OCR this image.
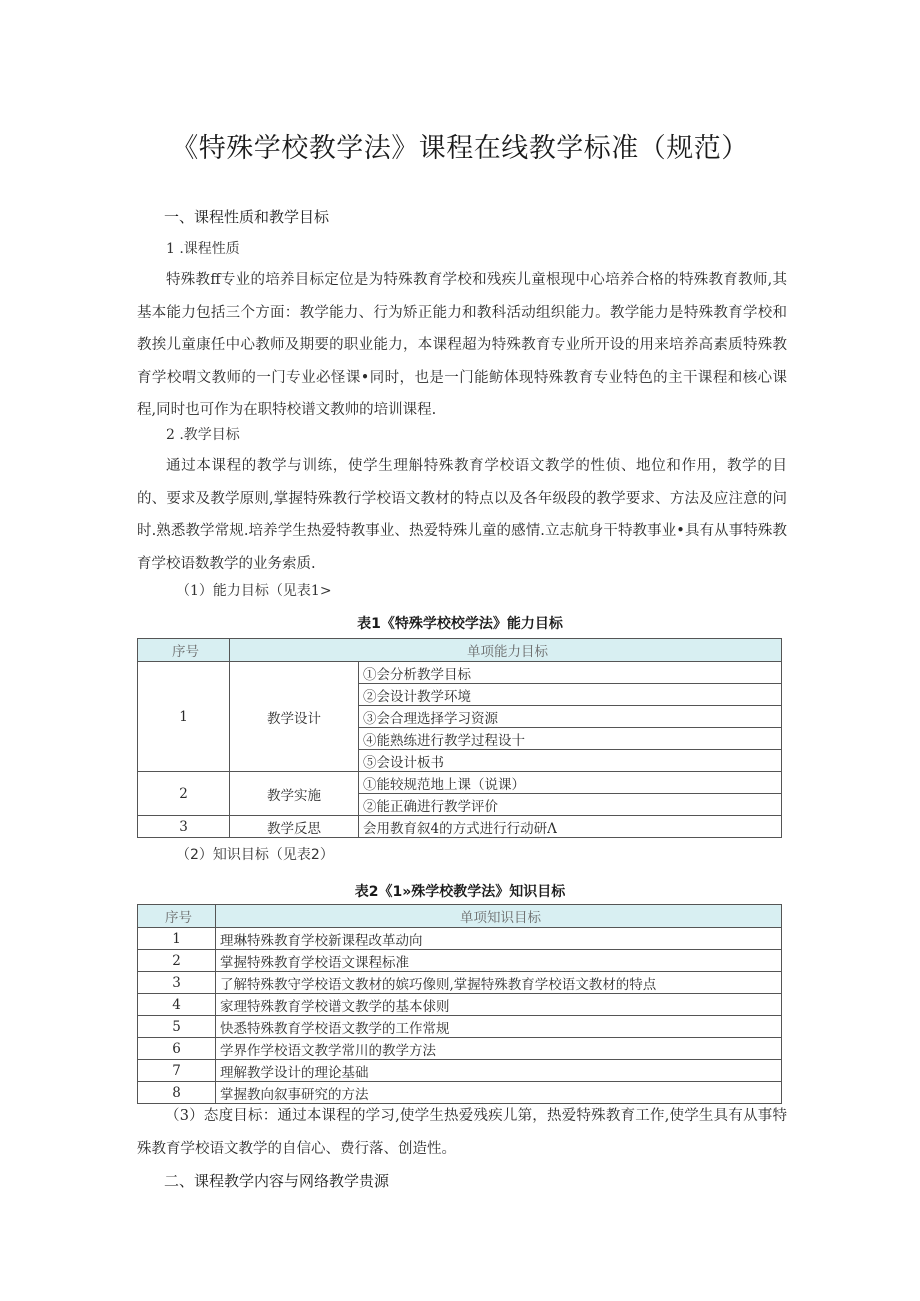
《特殊学校教学法》课程在线教学标准（规范）
一、课程性质和教学目标
1 .课程性质
特殊教ff专业的培养目标定位是为特殊教育学校和残疾儿童根现中心培养合格的特殊教育教师,其基本能力包括三个方面：教学能力、行为矫正能力和教科活动组织能力。教学能力是特殊教育学校和教挨儿童康任中心教师及期要的职业能力，本课程超为特殊教育专业所开设的用来培养高素质特殊教育学校喟文教师的一门专业必怪课•同时，也是一门能鲂体现特殊教育专业特色的主干课程和核心课程,同时也可作为在职特校谱文教帅的培训课程.
2 .教学目标
通过本课程的教学与训练，使学生理斛特殊教育学校语文教学的性侦、地位和作用，教学的目的、要求及教学原则,掌握特殊教行学校语文教材的特点以及各年级段的教学要求、方法及应注意的问时.熟悉教学常规.培养学生热爱特教事业、热爱特殊儿童的感情.立志航身干特教事业•具有从事特殊教育学校语数教学的业务索质.
（1）能力目标（见表1>
表1《特殊学校校学法》能力目标
序号	单项能力目标	
1	教学设计	①会分析教学目标
		②会设计教学环境
		③会合理选择学习资源
		④能熟练进行教学过程设十
		⑤会设计板书
2	教学实施	①能较规范地上课（说课）
		②能正确进行教学评价
3	教学反思	会用教育叙4的方式进行行动研Λ
（2）知识目标（见表2）
表2《1»殊学校教学法》知识目标
序号	单项知识目标
1	理琳特殊教育学校新课程改革动向
2	掌握特殊教育学校语文课程标准
3	了解特殊教守学校语文教材的嫔巧像则,掌握特殊教育学校语文教材的特点
4	家理特殊教育学校谱文教学的基本俅则
5	快悉特殊教育学校语文教学的工作常规
6	学界作学校语文教学常川的教学方法
7	理解教学设计的理论基础
8	掌握教向叙事研究的方法
（3）态度目标：通过本课程的学习,使学生热爱残疾儿第，热爱特殊教育工作,使学生具有从事特殊教育学校语文教学的自信心、费行落、创造性。
二、课程教学内容与网络教学贵源
